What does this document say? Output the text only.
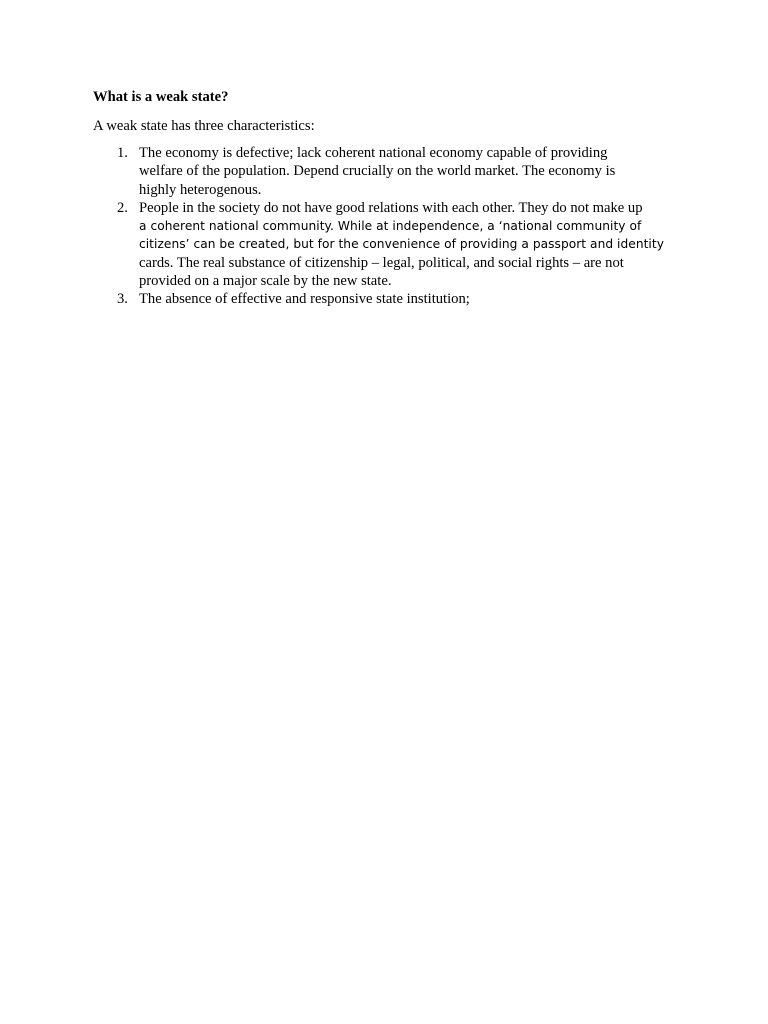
What is a weak state?

A weak state has three characteristics:

1. The economy is defective; lack coherent national economy capable of providing
welfare of the population. Depend crucially on the world market. The economy is
highly heterogenous.
2. People in the society do not have good relations with each other. They do not make up
a coherent national community. While at independence, a ‘national community of
citizens’ can be created, but for the convenience of providing a passport and identity
cards. The real substance of citizenship – legal, political, and social rights – are not
provided on a major scale by the new state.
3. The absence of effective and responsive state institution;
